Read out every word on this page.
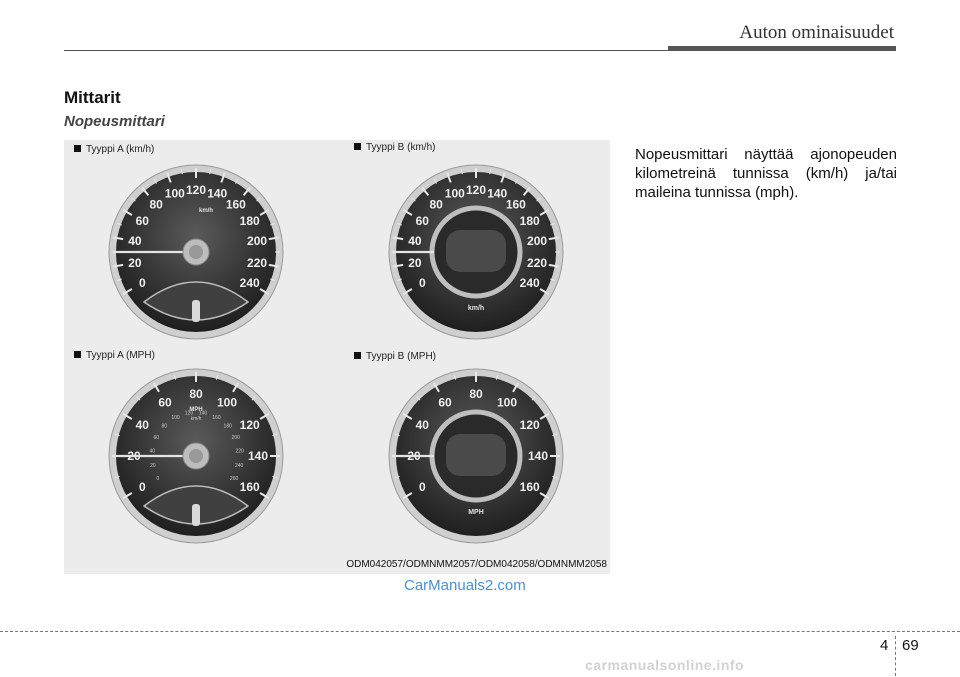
Auton ominaisuudet
Mittarit
Nopeusmittari
Tyyppi A (km/h)	Tyyppi B (km/h)
Tyyppi A (MPH)	Tyyppi B (MPH)
0
20
40
60
80
100 120 140
160
180
200
220
240
km/h
0
20
40
60
80
100 120 140
160
180
200
220
240
km/h
0
20
40
60
80
100
120
140
160
0
20
40
60
80
100
120 140
160
180
200
220
240
260
km/h
MPH
0
20
40
60
80
100
120
140
160
MPH
ODM042057/ODMNMM2057/ODM042058/ODMNMM2058
Nopeusmittari näyttää ajonopeuden kilometreinä tunnissa (km/h) ja/tai maileina tunnissa (mph).
CarManuals2.com
4 69
carmanualsonline.info
